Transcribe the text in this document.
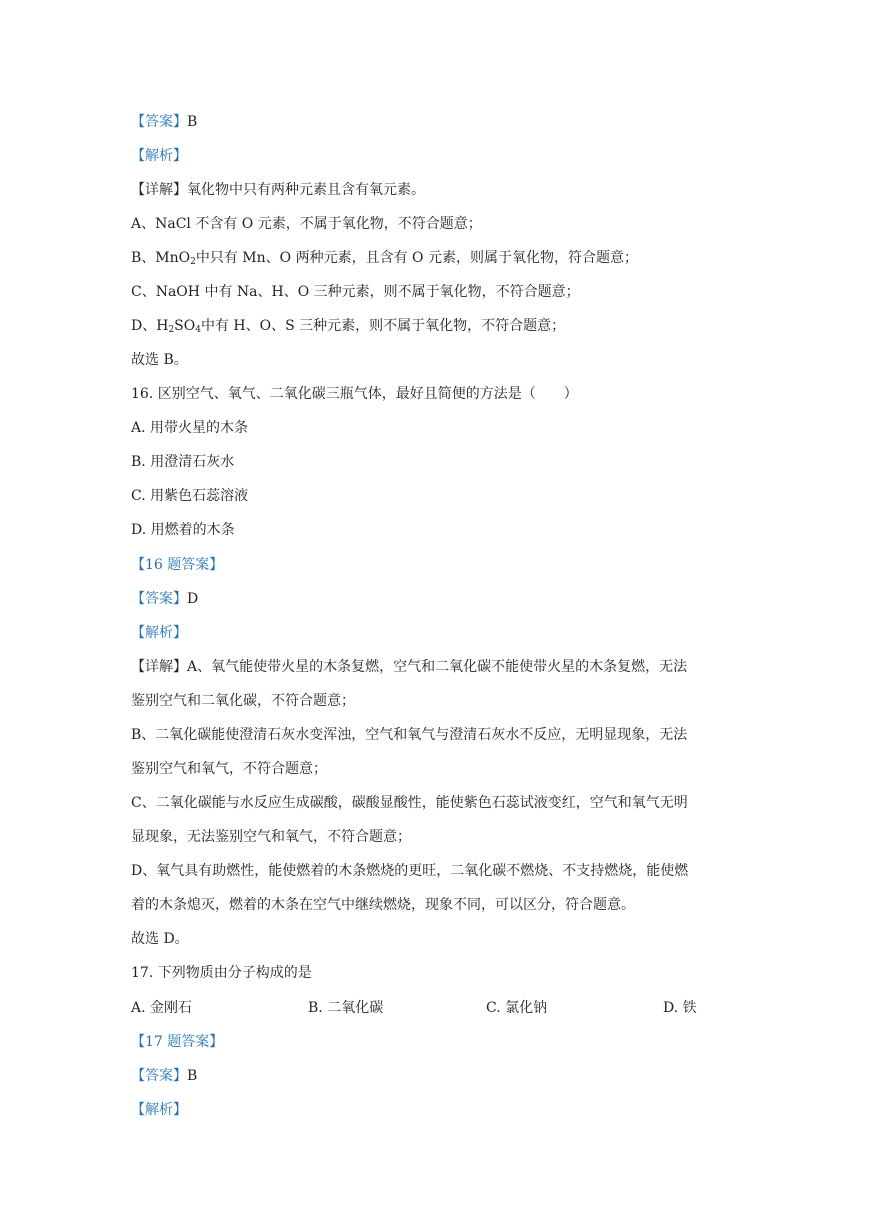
【答案】B
【解析】
【详解】氧化物中只有两种元素且含有氧元素。
A、NaCl 不含有 O 元素，不属于氧化物，不符合题意；
B、MnO$_2$中只有 Mn、O 两种元素，且含有 O 元素，则属于氧化物，符合题意；
C、NaOH 中有 Na、H、O 三种元素，则不属于氧化物，不符合题意；
D、$H_2SO_4$中有 H、O、S 三种元素，则不属于氧化物，不符合题意；
故选 B。
16. 区别空气、氧气、二氧化碳三瓶气体，最好且简便的方法是（　　）
A. 用带火星的木条
B. 用澄清石灰水
C. 用紫色石蕊溶液
D. 用燃着的木条
【16 题答案】
【答案】D
【解析】
【详解】A、氧气能使带火星的木条复燃，空气和二氧化碳不能使带火星的木条复燃，无法
鉴别空气和二氧化碳，不符合题意；
B、二氧化碳能使澄清石灰水变浑浊，空气和氧气与澄清石灰水不反应，无明显现象，无法
鉴别空气和氧气，不符合题意；
C、二氧化碳能与水反应生成碳酸，碳酸显酸性，能使紫色石蕊试液变红，空气和氧气无明
显现象，无法鉴别空气和氧气，不符合题意；
D、氧气具有助燃性，能使燃着的木条燃烧的更旺，二氧化碳不燃烧、不支持燃烧，能使燃
着的木条熄灭，燃着的木条在空气中继续燃烧，现象不同，可以区分，符合题意。
故选 D。
17. 下列物质由分子构成的是
A. 金刚石	B. 二氧化碳	C. 氯化钠	D. 铁
【17 题答案】
【答案】B
【解析】
